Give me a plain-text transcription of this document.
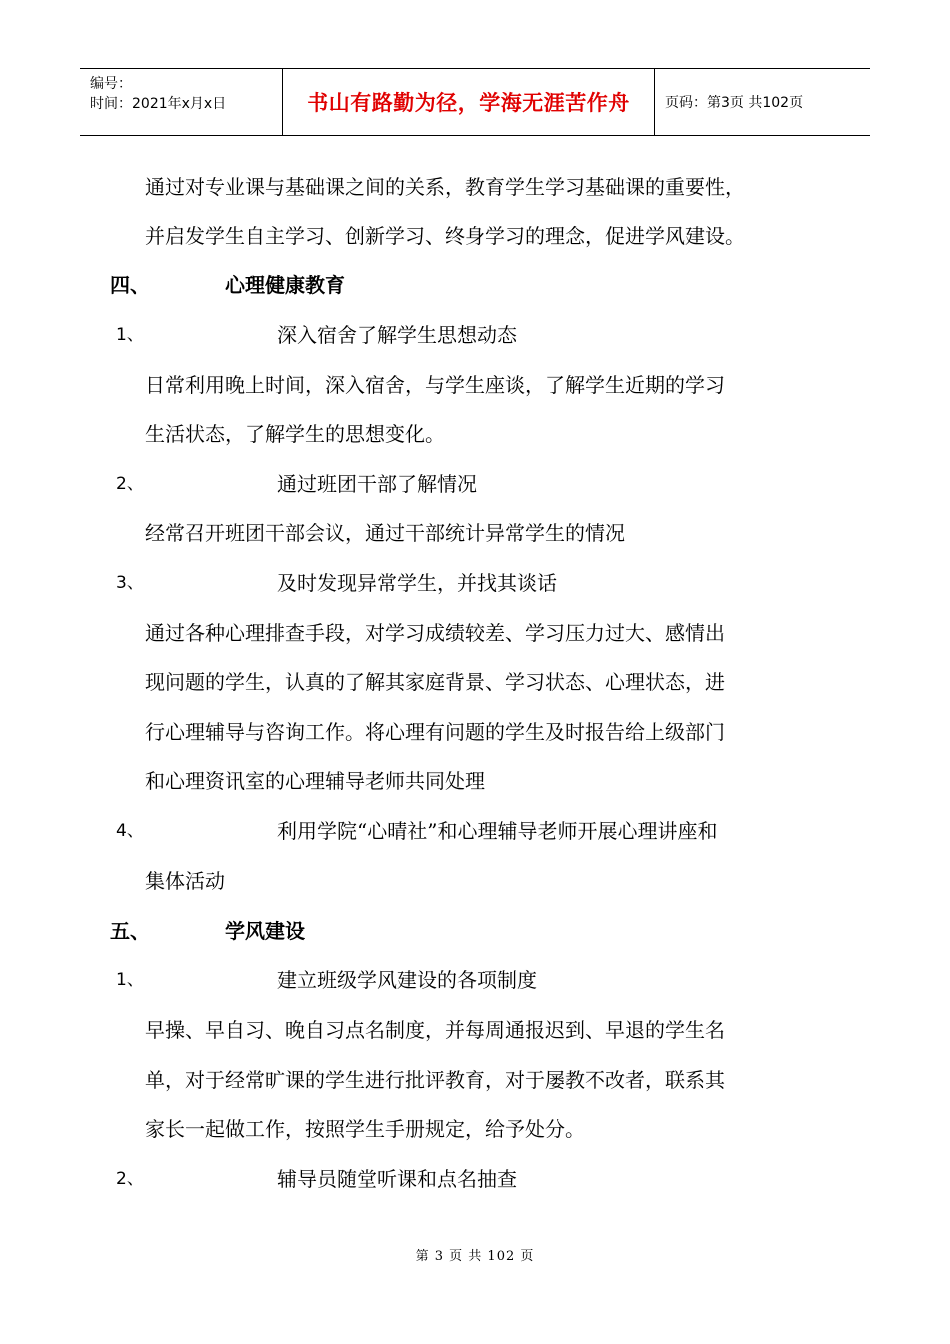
编号：
时间：2021年x月x日	书山有路勤为径，学海无涯苦作舟	页码：第3页 共102页
通过对专业课与基础课之间的关系，教育学生学习基础课的重要性，
并启发学生自主学习、创新学习、终身学习的理念，促进学风建设。
四、	心理健康教育
1、	深入宿舍了解学生思想动态
日常利用晚上时间，深入宿舍，与学生座谈，了解学生近期的学习
生活状态，了解学生的思想变化。
2、	通过班团干部了解情况
经常召开班团干部会议，通过干部统计异常学生的情况
3、	及时发现异常学生，并找其谈话
通过各种心理排查手段，对学习成绩较差、学习压力过大、感情出
现问题的学生，认真的了解其家庭背景、学习状态、心理状态，进
行心理辅导与咨询工作。将心理有问题的学生及时报告给上级部门
和心理资讯室的心理辅导老师共同处理
4、	利用学院“心晴社”和心理辅导老师开展心理讲座和
集体活动
五、	学风建设
1、	建立班级学风建设的各项制度
早操、早自习、晚自习点名制度，并每周通报迟到、早退的学生名
单，对于经常旷课的学生进行批评教育，对于屡教不改者，联系其
家长一起做工作，按照学生手册规定，给予处分。
2、	辅导员随堂听课和点名抽查
第 3 页 共 102 页
